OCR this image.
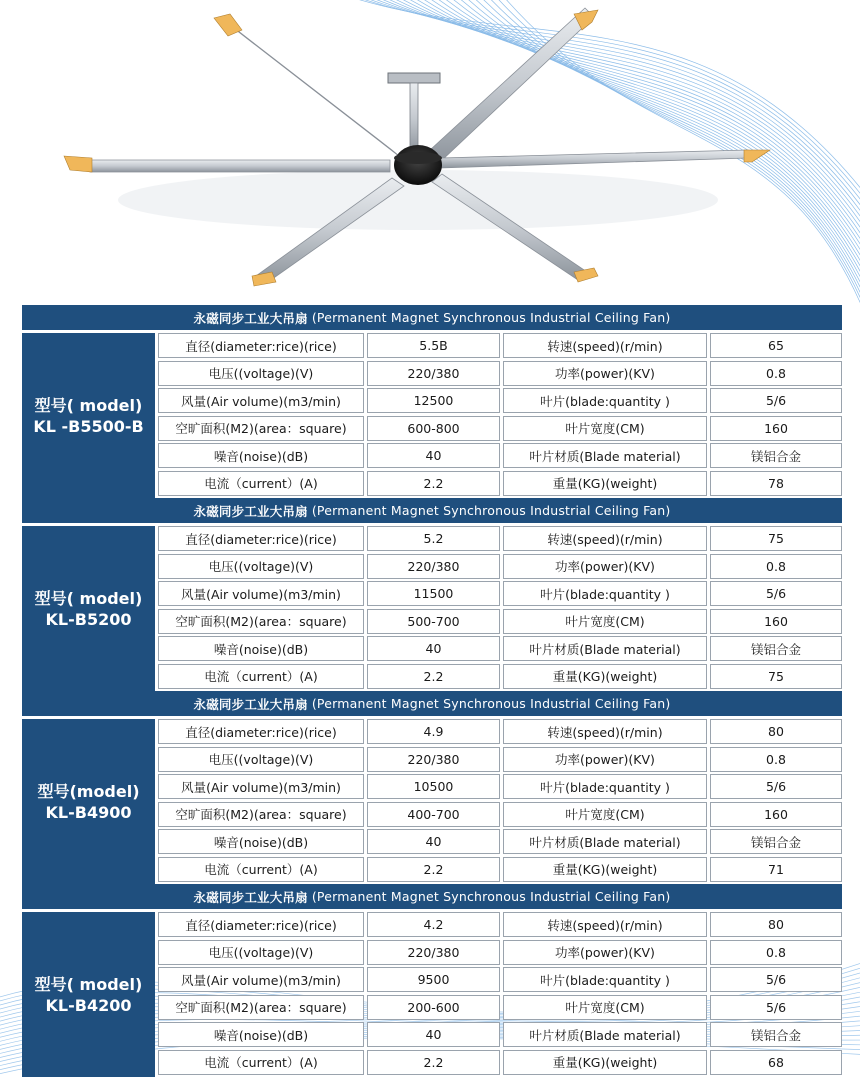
永磁同步工业大吊扇 (Permanent Magnet Synchronous Industrial Ceiling Fan)
型号( model)
KL -B5500-B
直径(diameter:rice)(rice)	5.5B	转速(speed)(r/min)	65
电压((voltage)(V)	220/380	功率(power)(KV)	0.8
风量(Air volume)(m3/min)	12500	叶片(blade:quantity )	5/6
空旷面积(M2)(area：square)	600-800	叶片宽度(CM)	160
噪音(noise)(dB)	40	叶片材质(Blade material)	镁铝合金
电流（current）(A)	2.2	重量(KG)(weight)	78
永磁同步工业大吊扇 (Permanent Magnet Synchronous Industrial Ceiling Fan)
型号( model)
KL-B5200
直径(diameter:rice)(rice)	5.2	转速(speed)(r/min)	75
电压((voltage)(V)	220/380	功率(power)(KV)	0.8
风量(Air volume)(m3/min)	11500	叶片(blade:quantity )	5/6
空旷面积(M2)(area：square)	500-700	叶片宽度(CM)	160
噪音(noise)(dB)	40	叶片材质(Blade material)	镁铝合金
电流（current）(A)	2.2	重量(KG)(weight)	75
永磁同步工业大吊扇 (Permanent Magnet Synchronous Industrial Ceiling Fan)
型号(model)
KL-B4900
直径(diameter:rice)(rice)	4.9	转速(speed)(r/min)	80
电压((voltage)(V)	220/380	功率(power)(KV)	0.8
风量(Air volume)(m3/min)	10500	叶片(blade:quantity )	5/6
空旷面积(M2)(area：square)	400-700	叶片宽度(CM)	160
噪音(noise)(dB)	40	叶片材质(Blade material)	镁铝合金
电流（current）(A)	2.2	重量(KG)(weight)	71
永磁同步工业大吊扇 (Permanent Magnet Synchronous Industrial Ceiling Fan)
型号( model)
KL-B4200
直径(diameter:rice)(rice)	4.2	转速(speed)(r/min)	80
电压((voltage)(V)	220/380	功率(power)(KV)	0.8
风量(Air volume)(m3/min)	9500	叶片(blade:quantity )	5/6
空旷面积(M2)(area：square)	200-600	叶片宽度(CM)	5/6
噪音(noise)(dB)	40	叶片材质(Blade material)	镁铝合金
电流（current）(A)	2.2	重量(KG)(weight)	68
